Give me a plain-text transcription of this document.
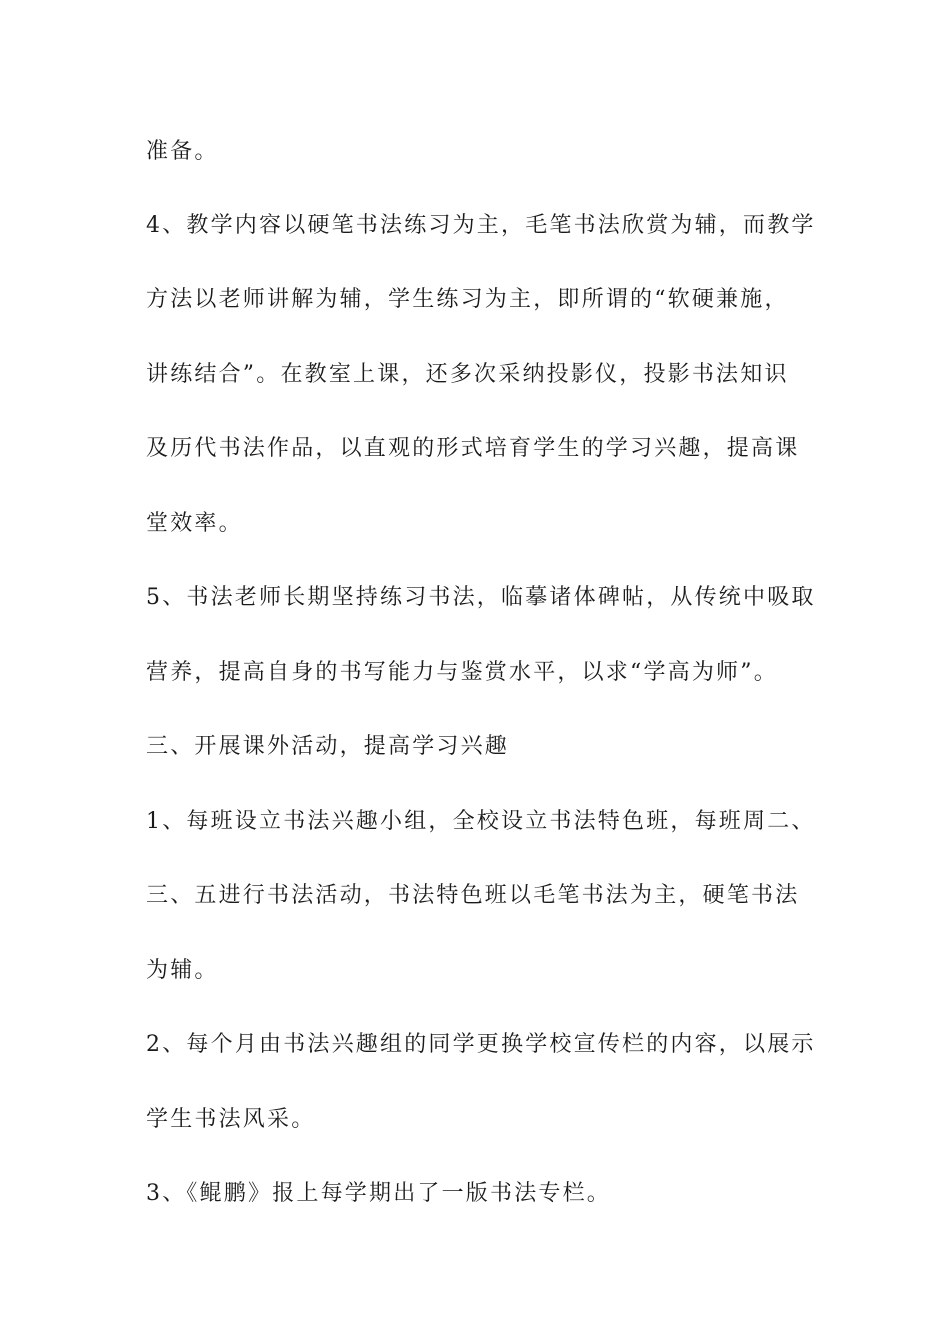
准备。
4、教学内容以硬笔书法练习为主，毛笔书法欣赏为辅，而教学
方法以老师讲解为辅，学生练习为主，即所谓的“软硬兼施，
讲练结合”。在教室上课，还多次采纳投影仪，投影书法知识
及历代书法作品，以直观的形式培育学生的学习兴趣，提高课
堂效率。
5、书法老师长期坚持练习书法，临摹诸体碑帖，从传统中吸取
营养，提高自身的书写能力与鉴赏水平，以求“学高为师”。
三、开展课外活动，提高学习兴趣
1、每班设立书法兴趣小组，全校设立书法特色班，每班周二、
三、五进行书法活动，书法特色班以毛笔书法为主，硬笔书法
为辅。
2、每个月由书法兴趣组的同学更换学校宣传栏的内容，以展示
学生书法风采。
3、《鲲鹏》报上每学期出了一版书法专栏。
